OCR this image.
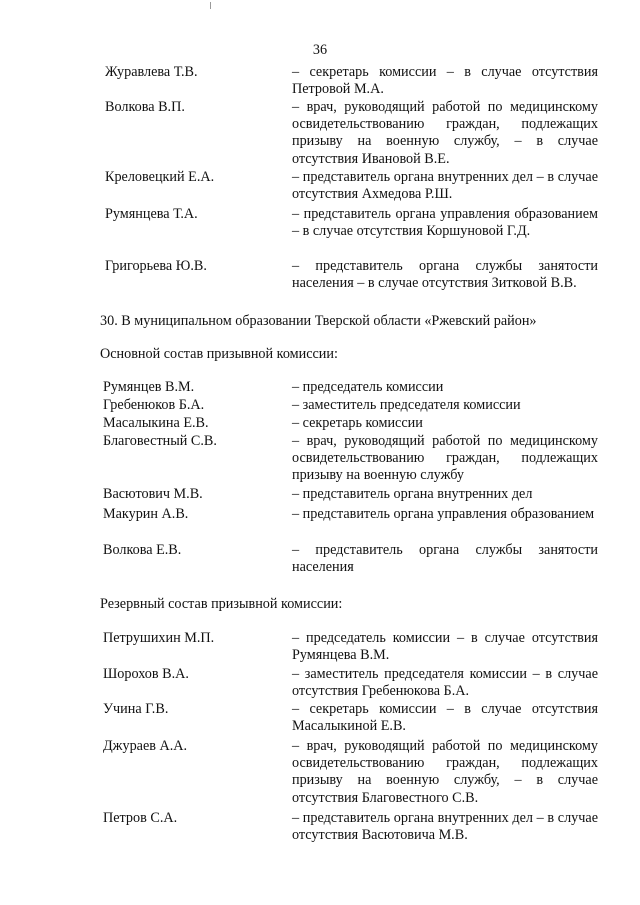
36
Журавлева Т.В.	– секретарь комиссии – в случае отсутствия Петровой М.А.
Волкова В.П.	– врач, руководящий работой по медицинскому освидетельствованию граждан, подлежащих призыву на военную службу, – в случае отсутствия Ивановой В.Е.
Креловецкий Е.А.	– представитель органа внутренних дел – в случае отсутствия Ахмедова Р.Ш.
Румянцева Т.А.	– представитель органа управления образованием – в случае отсутствия Коршуновой Г.Д.
Григорьева Ю.В.	– представитель органа службы занятости населения – в случае отсутствия Зитковой В.В.
30. В муниципальном образовании Тверской области «Ржевский район»
Основной состав призывной комиссии:
Румянцев В.М.	– председатель комиссии
Гребенюков Б.А.	– заместитель председателя комиссии
Масалыкина Е.В.	– секретарь комиссии
Благовестный С.В.	– врач, руководящий работой по медицинскому освидетельствованию граждан, подлежащих призыву на военную службу
Васютович М.В.	– представитель органа внутренних дел
Макурин А.В.	– представитель органа управления образованием
Волкова Е.В.	– представитель органа службы занятости населения
Резервный состав призывной комиссии:
Петрушихин М.П.	– председатель комиссии – в случае отсутствия Румянцева В.М.
Шорохов В.А.	– заместитель председателя комиссии – в случае отсутствия Гребенюкова Б.А.
Учина Г.В.	– секретарь комиссии – в случае отсутствия Масалыкиной Е.В.
Джураев А.А.	– врач, руководящий работой по медицинскому освидетельствованию граждан, подлежащих призыву на военную службу, – в случае отсутствия Благовестного С.В.
Петров С.А.	– представитель органа внутренних дел – в случае отсутствия Васютовича М.В.
